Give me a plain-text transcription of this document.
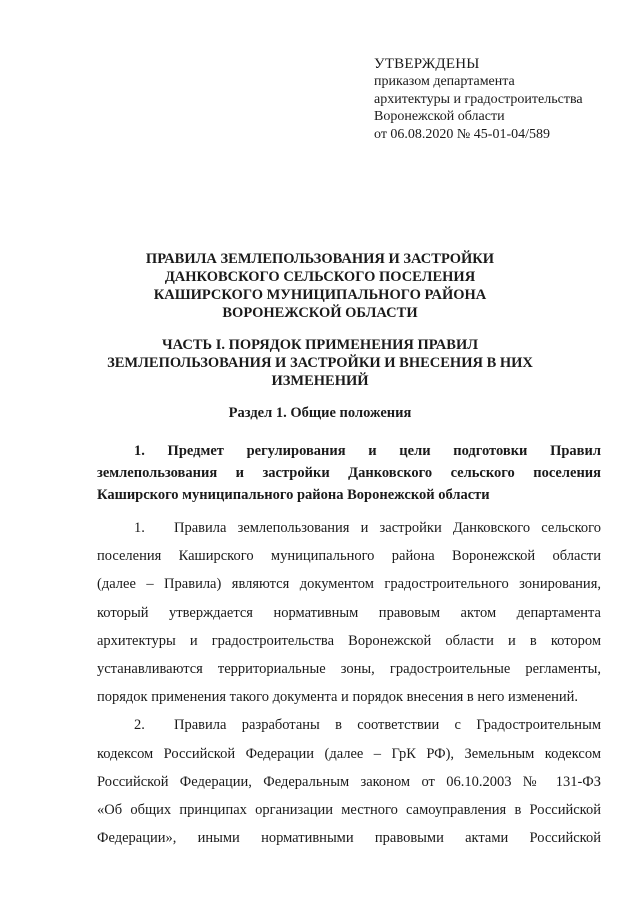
УТВЕРЖДЕНЫ
приказом департамента
архитектуры и градостроительства
Воронежской области
от 06.08.2020 № 45-01-04/589
ПРАВИЛА ЗЕМЛЕПОЛЬЗОВАНИЯ И ЗАСТРОЙКИ
ДАНКОВСКОГО СЕЛЬСКОГО ПОСЕЛЕНИЯ
КАШИРСКОГО МУНИЦИПАЛЬНОГО РАЙОНА
ВОРОНЕЖСКОЙ ОБЛАСТИ
ЧАСТЬ I. ПОРЯДОК ПРИМЕНЕНИЯ ПРАВИЛ
ЗЕМЛЕПОЛЬЗОВАНИЯ И ЗАСТРОЙКИ И ВНЕСЕНИЯ В НИХ
ИЗМЕНЕНИЙ
Раздел 1. Общие положения
1. Предмет регулирования и цели подготовки Правил
землепользования и застройки Данковского сельского поселения
Каширского муниципального района Воронежской области
1. Правила землепользования и застройки Данковского сельского
поселения Каширского муниципального района Воронежской области
(далее – Правила) являются документом градостроительного зонирования,
который утверждается нормативным правовым актом департамента
архитектуры и градостроительства Воронежской области и в котором
устанавливаются территориальные зоны, градостроительные регламенты,
порядок применения такого документа и порядок внесения в него изменений.
2. Правила разработаны в соответствии с Градостроительным
кодексом Российской Федерации (далее – ГрК РФ), Земельным кодексом
Российской Федерации, Федеральным законом от 06.10.2003 № 131-ФЗ
«Об общих принципах организации местного самоуправления в Российской
Федерации», иными нормативными правовыми актами Российской
